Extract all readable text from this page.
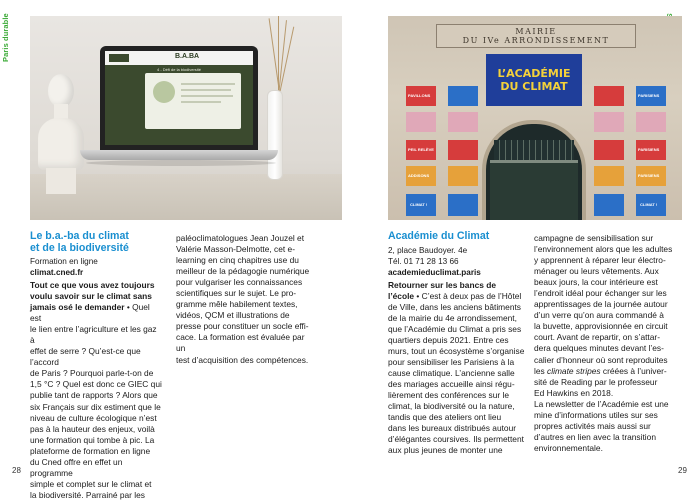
Paris durable	B.A.BA
4 - Défi de la biodiversité
Le b.a.-ba du climat
et de la biodiversité
Formation en ligne
climat.cned.fr
Tout ce que vous avez toujours
voulu savoir sur le climat sans
jamais osé le demander • Quel est
le lien entre l’agriculture et les gaz à
effet de serre ? Qu’est-ce que l’accord
de Paris ? Pourquoi parle-t-on de
1,5 °C ? Quel est donc ce GIEC qui
publie tant de rapports ? Alors que
six Français sur dix estiment que le
niveau de culture écologique n’est
pas à la hauteur des enjeux, voilà
une formation qui tombe à pic. La
plateforme de formation en ligne
du Cned offre en effet un programme
simple et complet sur le climat et
la biodiversité. Parrainé par les
paléoclimatologues Jean Jouzel et
Valérie Masson-Delmotte, cet e-
learning en cinq chapitres use du
meilleur de la pédagogie numérique
pour vulgariser les connaissances
scientifiques sur le sujet. Le pro-
gramme mêle habilement textes,
vidéos, QCM et illustrations de
presse pour constituer un socle effi-
cace. La formation est évaluée par un
test d’acquisition des compétences.
28
MAIRIE
DU IVe ARRONDISSEMENT
PAVILLONS	PARISIENS
PEIL RELÈVE	PARISIENS
ADDISONS	PARISIENS
CLIMAT !	CLIMAT !
L’ACADÉMIE
DU CLIMAT
Académie du Climat
2, place Baudoyer. 4e
Tél. 01 71 28 13 66
academieduclimat.paris
Retourner sur les bancs de
l’école • C’est à deux pas de l’Hôtel
de Ville, dans les anciens bâtiments
de la mairie du 4e arrondissement,
que l’Académie du Climat a pris ses
quartiers depuis 2021. Entre ces
murs, tout un écosystème s’organise
pour sensibiliser les Parisiens à la
cause climatique. L’ancienne salle
des mariages accueille ainsi régu-
lièrement des conférences sur le
climat, la biodiversité ou la nature,
tandis que des ateliers ont lieu
dans les bureaux distribués autour
d’élégantes coursives. Ils permettent
aux plus jeunes de monter une
campagne de sensibilisation sur
l’environnement alors que les adultes
y apprennent à réparer leur électro-
ménager ou leurs vêtements. Aux
beaux jours, la cour intérieure est
l’endroit idéal pour échanger sur les
apprentissages de la journée autour
d’un verre qu’on aura commandé à
la buvette, approvisionnée en circuit
court. Avant de repartir, on s’attar-
dera quelques minutes devant l’es-
calier d’honneur où sont reproduites
les climate stripes créées à l’univer-
sité de Reading par le professeur
Ed Hawkins en 2018.
La newsletter de l’Académie est une
mine d’informations utiles sur ses
propres activités mais aussi sur
d’autres en lien avec la transition
environnementale.
29
